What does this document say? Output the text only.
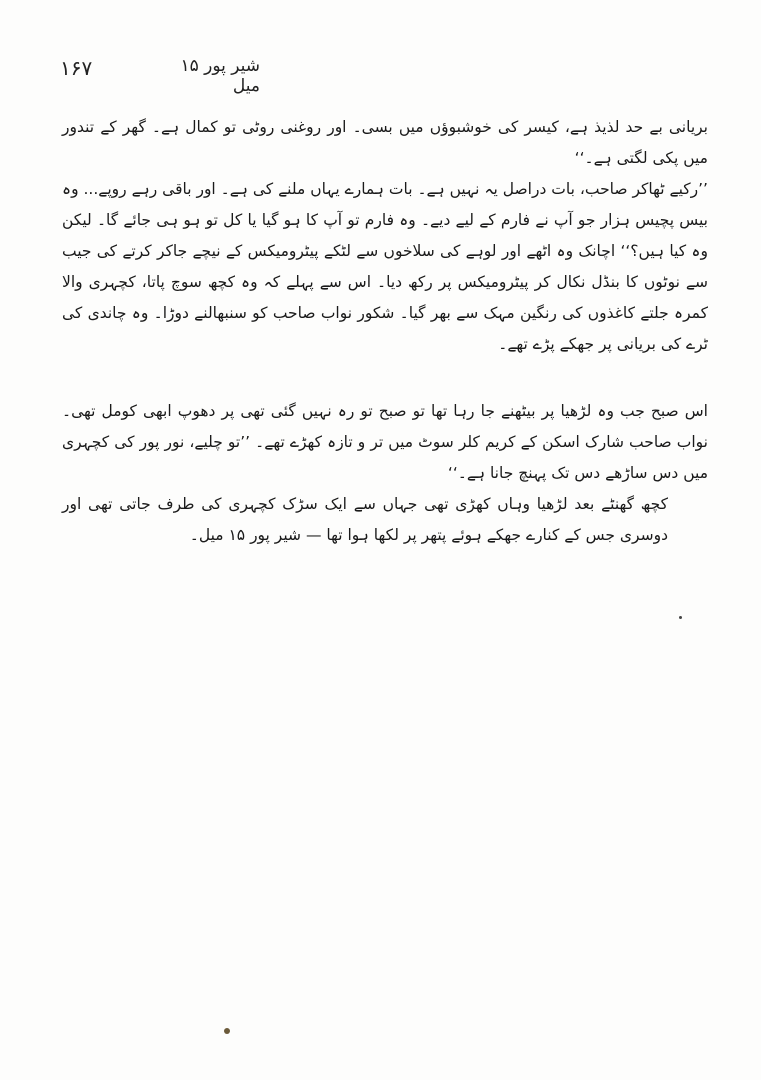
۱۶۷	شیر پور ۱۵ میل

بریانی بے حد لذیذ ہے، کیسر کی خوشبوؤں میں بسی۔ اور روغنی روٹی تو کمال ہے۔ گھر کے تندور میں پکی لگتی ہے۔‘‘

’’رکیے ٹھاکر صاحب، بات دراصل یہ نہیں ہے۔ بات ہمارے یہاں ملنے کی ہے۔ اور باقی رہے روپے... وہ بیس پچیس ہزار جو آپ نے فارم کے لیے دیے۔ وہ فارم تو آپ کا ہو گیا یا کل تو ہو ہی جائے گا۔ لیکن وہ کیا ہیں؟‘‘ اچانک وہ اٹھے اور لوہے کی سلاخوں سے لٹکے پیٹرومیکس کے نیچے جاکر کرتے کی جیب سے نوٹوں کا بنڈل نکال کر پیٹرومیکس پر رکھ دیا۔ اس سے پہلے کہ وہ کچھ سوچ پاتا، کچہری والا کمرہ جلتے کاغذوں کی رنگین مہک سے بھر گیا۔ شکور نواب صاحب کو سنبھالنے دوڑا۔ وہ چاندی کی ٹرے کی بریانی پر جھکے پڑے تھے۔

اس صبح جب وہ لڑھیا پر بیٹھنے جا رہا تھا تو صبح تو رہ نہیں گئی تھی پر دھوپ ابھی کومل تھی۔ نواب صاحب شارک اسکن کے کریم کلر سوٹ میں تر و تازہ کھڑے تھے۔ ’’تو چلیے، نور پور کی کچہری میں دس ساڑھے دس تک پہنچ جانا ہے۔‘‘

کچھ گھنٹے بعد لڑھیا وہاں کھڑی تھی جہاں سے ایک سڑک کچہری کی طرف جاتی تھی اور دوسری جس کے کنارے جھکے ہوئے پتھر پر لکھا ہوا تھا — شیر پور ۱۵ میل۔
